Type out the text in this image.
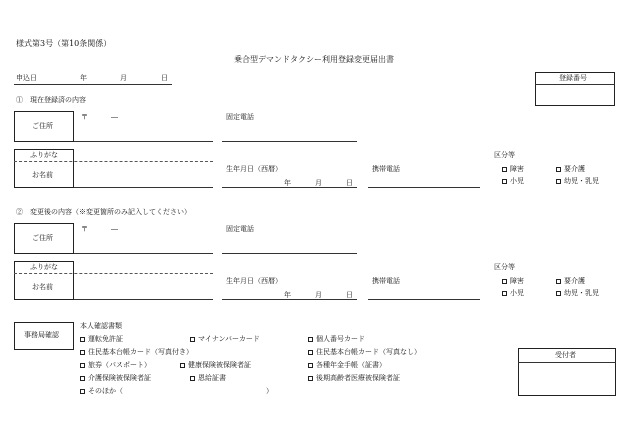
様式第3号（第10条関係）
乗合型デマンドタクシー利用登録変更届出書
申込日	年	月	日	登録番号
①　現在登録済の内容
ご住所
〒	―	固定電話
ふりがな
お名前
生年月日（西暦）
年	月	日
携帯電話
区分等
障害	要介護
小児	幼児・乳児
②　変更後の内容（※変更箇所のみ記入してください）
ご住所
〒	―	固定電話
ふりがな
お名前
生年月日（西暦）
年	月	日
携帯電話
区分等
障害	要介護
小児	幼児・乳児
事務局確認
本人確認書類
運転免許証	マイナンバーカード	個人番号カード
住民基本台帳カード（写真付き）	住民基本台帳カード（写真なし）
旅券（パスポート）	健康保険被保険者証	各種年金手帳（証書）
介護保険被保険者証	恩給証書	後期高齢者医療被保険者証
そのほか（	）
受付者
